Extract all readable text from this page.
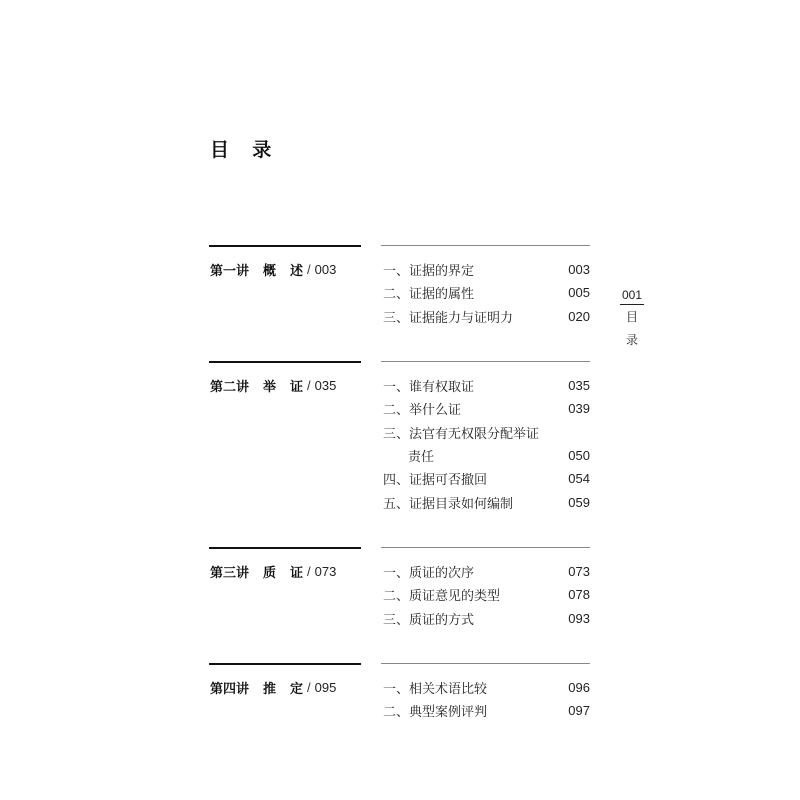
目 录
第一讲	概 述 / 003	一、证据的界定	003
二、证据的属性	005
三、证据能力与证明力	020
第二讲	举 证 / 035	一、谁有权取证	035
二、举什么证	039
三、法官有无权限分配举证
责任	050
四、证据可否撤回	054
五、证据目录如何编制	059
第三讲	质 证 / 073	一、质证的次序	073
二、质证意见的类型	078
三、质证的方式	093
第四讲	推 定 / 095	一、相关术语比较	096
二、典型案例评判	097
001
目录
